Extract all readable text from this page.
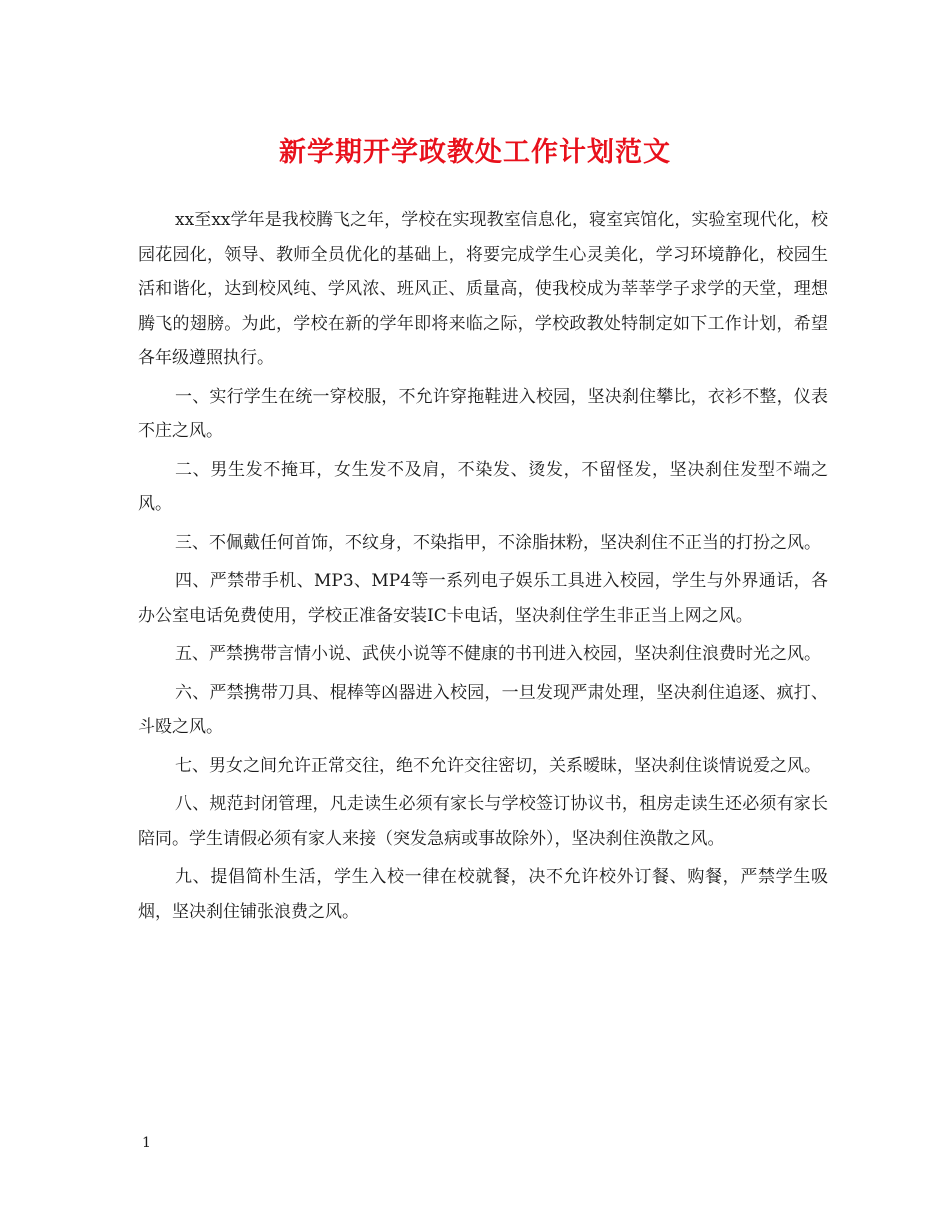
新学期开学政教处工作计划范文

xx至xx学年是我校腾飞之年，学校在实现教室信息化，寝室宾馆化，实验室现代化，校园花园化，领导、教师全员优化的基础上，将要完成学生心灵美化，学习环境静化，校园生活和谐化，达到校风纯、学风浓、班风正、质量高，使我校成为莘莘学子求学的天堂，理想腾飞的翅膀。为此，学校在新的学年即将来临之际，学校政教处特制定如下工作计划，希望各年级遵照执行。

一、实行学生在统一穿校服，不允许穿拖鞋进入校园，坚决刹住攀比，衣衫不整，仪表不庄之风。

二、男生发不掩耳，女生发不及肩，不染发、烫发，不留怪发，坚决刹住发型不端之风。

三、不佩戴任何首饰，不纹身，不染指甲，不涂脂抹粉，坚决刹住不正当的打扮之风。

四、严禁带手机、MP3、MP4等一系列电子娱乐工具进入校园，学生与外界通话，各办公室电话免费使用，学校正准备安装IC卡电话，坚决刹住学生非正当上网之风。

五、严禁携带言情小说、武侠小说等不健康的书刊进入校园，坚决刹住浪费时光之风。

六、严禁携带刀具、棍棒等凶器进入校园，一旦发现严肃处理，坚决刹住追逐、疯打、斗殴之风。

七、男女之间允许正常交往，绝不允许交往密切，关系暧昧，坚决刹住谈情说爱之风。

八、规范封闭管理，凡走读生必须有家长与学校签订协议书，租房走读生还必须有家长陪同。学生请假必须有家人来接（突发急病或事故除外），坚决刹住涣散之风。

九、提倡简朴生活，学生入校一律在校就餐，决不允许校外订餐、购餐，严禁学生吸烟，坚决刹住铺张浪费之风。

1
